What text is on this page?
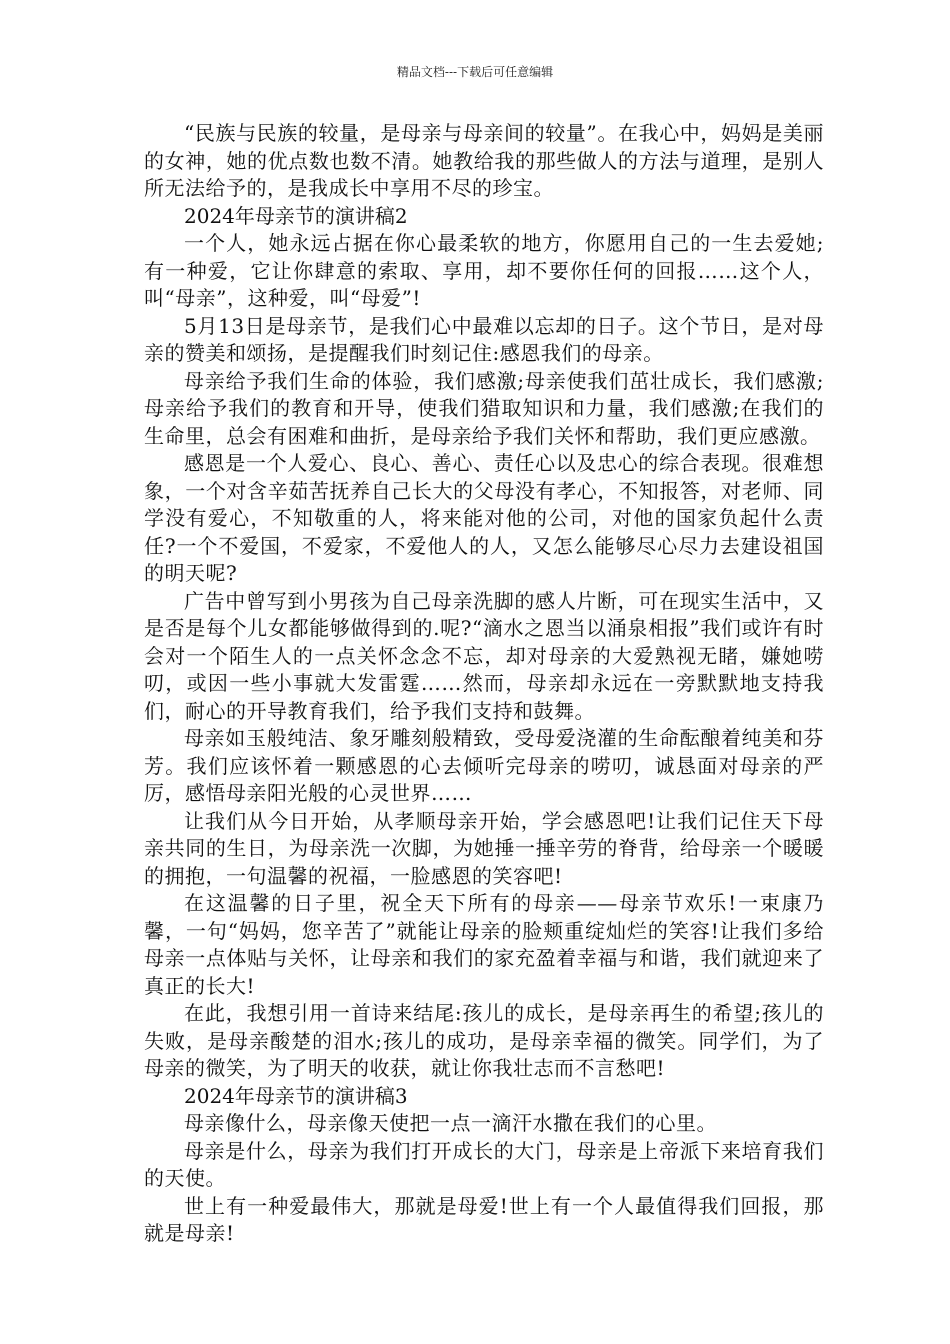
精品文档---下载后可任意编辑

“民族与民族的较量，是母亲与母亲间的较量”。在我心中，妈妈是美丽的女神，她的优点数也数不清。她教给我的那些做人的方法与道理，是别人所无法给予的，是我成长中享用不尽的珍宝。

2024年母亲节的演讲稿2

一个人，她永远占据在你心最柔软的地方，你愿用自己的一生去爱她;有一种爱，它让你肆意的索取、享用，却不要你任何的回报……这个人，叫“母亲”，这种爱，叫“母爱”!

5月13日是母亲节，是我们心中最难以忘却的日子。这个节日，是对母亲的赞美和颂扬，是提醒我们时刻记住:感恩我们的母亲。

母亲给予我们生命的体验，我们感激;母亲使我们茁壮成长，我们感激;母亲给予我们的教育和开导，使我们猎取知识和力量，我们感激;在我们的生命里，总会有困难和曲折，是母亲给予我们关怀和帮助，我们更应感激。

感恩是一个人爱心、良心、善心、责任心以及忠心的综合表现。很难想象，一个对含辛茹苦抚养自己长大的父母没有孝心，不知报答，对老师、同学没有爱心，不知敬重的人，将来能对他的公司，对他的国家负起什么责任?一个不爱国，不爱家，不爱他人的人，又怎么能够尽心尽力去建设祖国的明天呢?

广告中曾写到小男孩为自己母亲洗脚的感人片断，可在现实生活中，又是否是每个儿女都能够做得到的.呢?“滴水之恩当以涌泉相报”我们或许有时会对一个陌生人的一点关怀念念不忘，却对母亲的大爱熟视无睹，嫌她唠叨，或因一些小事就大发雷霆……然而，母亲却永远在一旁默默地支持我们，耐心的开导教育我们，给予我们支持和鼓舞。

母亲如玉般纯洁、象牙雕刻般精致，受母爱浇灌的生命酝酿着纯美和芬芳。我们应该怀着一颗感恩的心去倾听完母亲的唠叨，诚恳面对母亲的严厉，感悟母亲阳光般的心灵世界……

让我们从今日开始，从孝顺母亲开始，学会感恩吧!让我们记住天下母亲共同的生日，为母亲洗一次脚，为她捶一捶辛劳的脊背，给母亲一个暖暖的拥抱，一句温馨的祝福，一脸感恩的笑容吧!

在这温馨的日子里，祝全天下所有的母亲——母亲节欢乐!一束康乃馨，一句“妈妈，您辛苦了”就能让母亲的脸颊重绽灿烂的笑容!让我们多给母亲一点体贴与关怀，让母亲和我们的家充盈着幸福与和谐，我们就迎来了真正的长大!

在此，我想引用一首诗来结尾:孩儿的成长，是母亲再生的希望;孩儿的失败，是母亲酸楚的泪水;孩儿的成功，是母亲幸福的微笑。同学们，为了母亲的微笑，为了明天的收获，就让你我壮志而不言愁吧!

2024年母亲节的演讲稿3

母亲像什么，母亲像天使把一点一滴汗水撒在我们的心里。

母亲是什么，母亲为我们打开成长的大门，母亲是上帝派下来培育我们的天使。

世上有一种爱最伟大，那就是母爱!世上有一个人最值得我们回报，那就是母亲!
